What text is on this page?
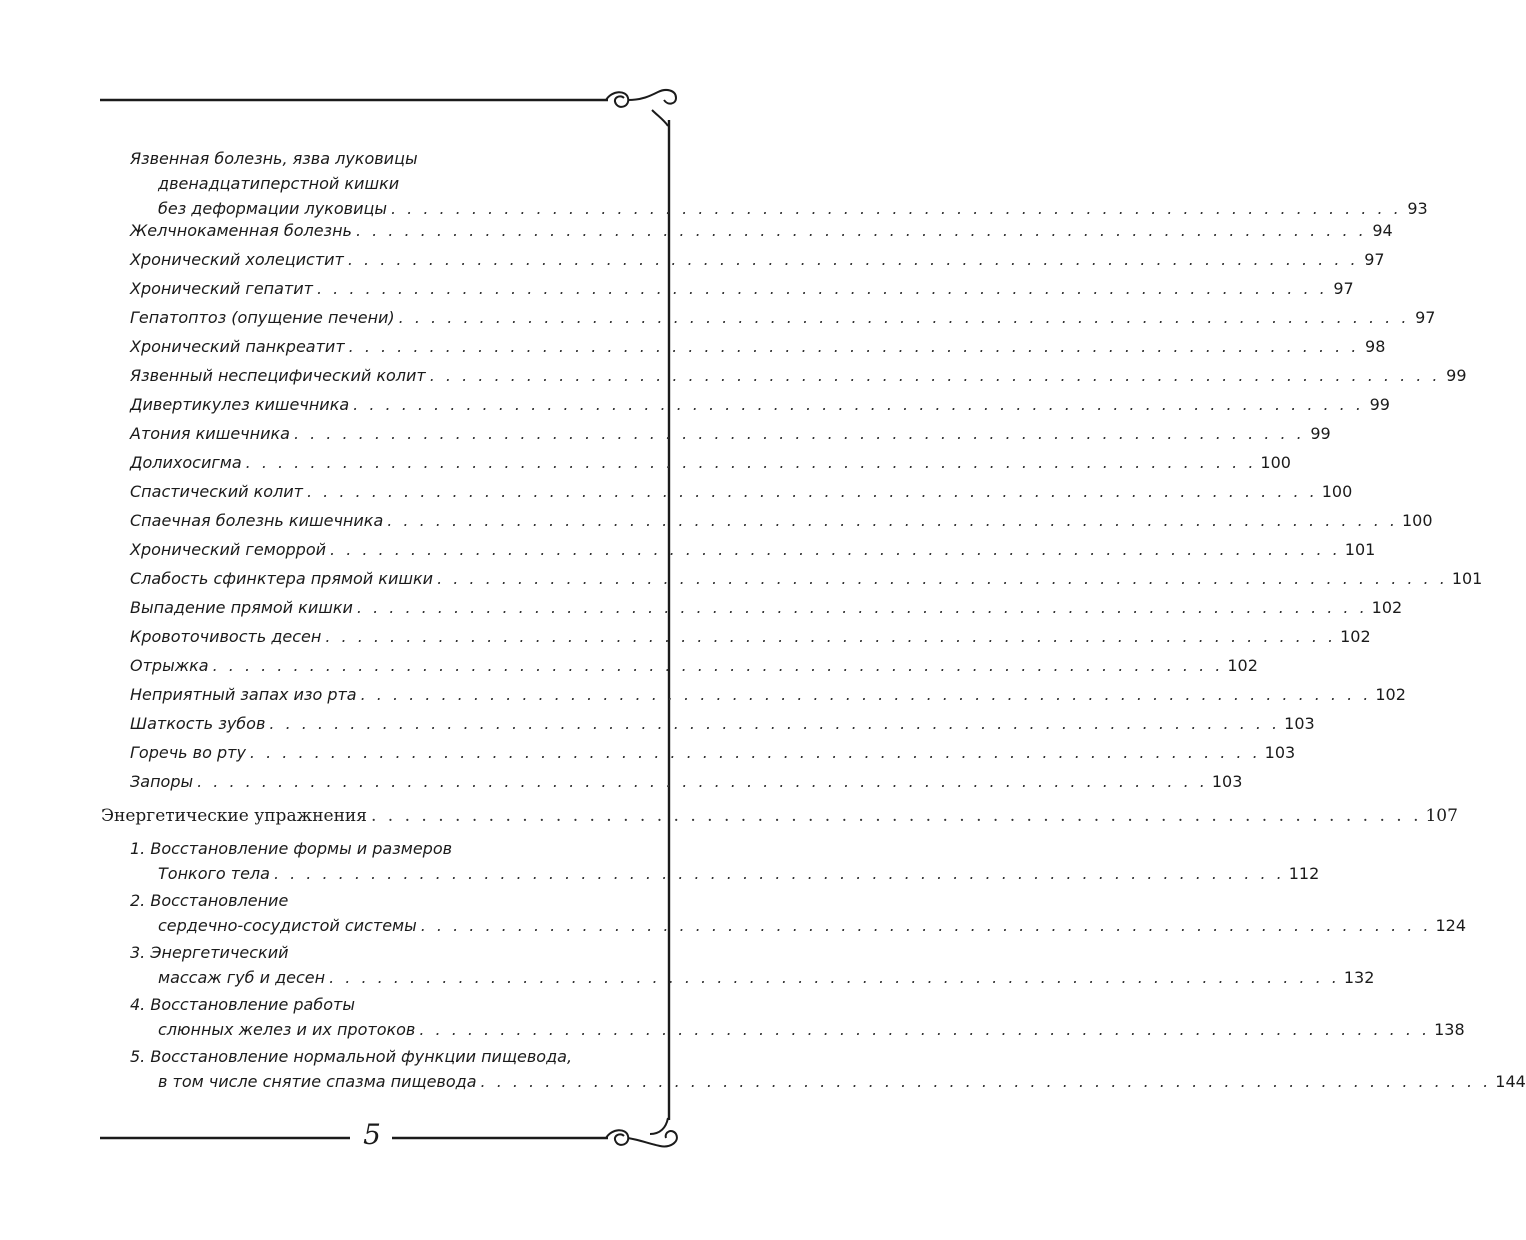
Язвенная болезнь, язва луковицы
двенадцатиперстной кишки
без деформации луковицы . . . . . . . . . . . . . . . . . . . . . . . . . . . . . . . . . . . . . . . . . . . . . . . . . . . . . . . . . . . . . . . 93
Желчнокаменная болезнь . . . . . . . . . . . . . . . . . . . . . . . . . . . . . . . . . . . . . . . . . . . . . . . . . . . . . . . . . . . . . . . 94
Хронический холецистит . . . . . . . . . . . . . . . . . . . . . . . . . . . . . . . . . . . . . . . . . . . . . . . . . . . . . . . . . . . . . . . 97
Хронический гепатит . . . . . . . . . . . . . . . . . . . . . . . . . . . . . . . . . . . . . . . . . . . . . . . . . . . . . . . . . . . . . . . 97
Гепатоптоз (опущение печени) . . . . . . . . . . . . . . . . . . . . . . . . . . . . . . . . . . . . . . . . . . . . . . . . . . . . . . . . . . . . . . . 97
Хронический панкреатит . . . . . . . . . . . . . . . . . . . . . . . . . . . . . . . . . . . . . . . . . . . . . . . . . . . . . . . . . . . . . . . 98
Язвенный неспецифический колит . . . . . . . . . . . . . . . . . . . . . . . . . . . . . . . . . . . . . . . . . . . . . . . . . . . . . . . . . . . . . . . 99
Дивертикулез кишечника . . . . . . . . . . . . . . . . . . . . . . . . . . . . . . . . . . . . . . . . . . . . . . . . . . . . . . . . . . . . . . . 99
Атония кишечника . . . . . . . . . . . . . . . . . . . . . . . . . . . . . . . . . . . . . . . . . . . . . . . . . . . . . . . . . . . . . . . 99
Долихосигма . . . . . . . . . . . . . . . . . . . . . . . . . . . . . . . . . . . . . . . . . . . . . . . . . . . . . . . . . . . . . . . 100
Спастический колит . . . . . . . . . . . . . . . . . . . . . . . . . . . . . . . . . . . . . . . . . . . . . . . . . . . . . . . . . . . . . . . 100
Спаечная болезнь кишечника . . . . . . . . . . . . . . . . . . . . . . . . . . . . . . . . . . . . . . . . . . . . . . . . . . . . . . . . . . . . . . . 100
Хронический геморрой . . . . . . . . . . . . . . . . . . . . . . . . . . . . . . . . . . . . . . . . . . . . . . . . . . . . . . . . . . . . . . . 101
Слабость сфинктера прямой кишки . . . . . . . . . . . . . . . . . . . . . . . . . . . . . . . . . . . . . . . . . . . . . . . . . . . . . . . . . . . . . . . 101
Выпадение прямой кишки . . . . . . . . . . . . . . . . . . . . . . . . . . . . . . . . . . . . . . . . . . . . . . . . . . . . . . . . . . . . . . . 102
Кровоточивость десен . . . . . . . . . . . . . . . . . . . . . . . . . . . . . . . . . . . . . . . . . . . . . . . . . . . . . . . . . . . . . . . 102
Отрыжка . . . . . . . . . . . . . . . . . . . . . . . . . . . . . . . . . . . . . . . . . . . . . . . . . . . . . . . . . . . . . . . 102
Неприятный запах изо рта . . . . . . . . . . . . . . . . . . . . . . . . . . . . . . . . . . . . . . . . . . . . . . . . . . . . . . . . . . . . . . . 102
Шаткость зубов . . . . . . . . . . . . . . . . . . . . . . . . . . . . . . . . . . . . . . . . . . . . . . . . . . . . . . . . . . . . . . . 103
Горечь во рту . . . . . . . . . . . . . . . . . . . . . . . . . . . . . . . . . . . . . . . . . . . . . . . . . . . . . . . . . . . . . . . 103
Запоры . . . . . . . . . . . . . . . . . . . . . . . . . . . . . . . . . . . . . . . . . . . . . . . . . . . . . . . . . . . . . . . 103
Энергетические упражнения . . . . . . . . . . . . . . . . . . . . . . . . . . . . . . . . . . . . . . . . . . . . . . . . . . . . . . . . . . . . . . . 107
1. Восстановление формы и размеров
Тонкого тела . . . . . . . . . . . . . . . . . . . . . . . . . . . . . . . . . . . . . . . . . . . . . . . . . . . . . . . . . . . . . . . 112
2. Восстановление
сердечно-сосудистой системы . . . . . . . . . . . . . . . . . . . . . . . . . . . . . . . . . . . . . . . . . . . . . . . . . . . . . . . . . . . . . . . 124
3. Энергетический
массаж губ и десен . . . . . . . . . . . . . . . . . . . . . . . . . . . . . . . . . . . . . . . . . . . . . . . . . . . . . . . . . . . . . . . 132
4. Восстановление работы
слюнных желез и их протоков . . . . . . . . . . . . . . . . . . . . . . . . . . . . . . . . . . . . . . . . . . . . . . . . . . . . . . . . . . . . . . . 138
5. Восстановление нормальной функции пищевода,
в том числе снятие спазма пищевода . . . . . . . . . . . . . . . . . . . . . . . . . . . . . . . . . . . . . . . . . . . . . . . . . . . . . . . . . . . . . . . 144
5
